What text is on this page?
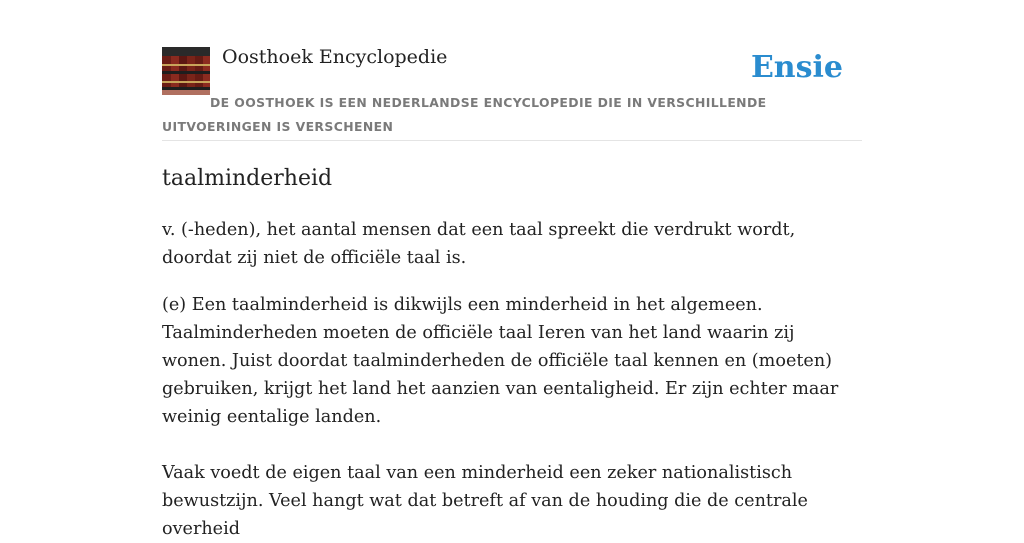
Oosthoek Encyclopedie	Ensie
DE OOSTHOEK IS EEN NEDERLANDSE ENCYCLOPEDIE DIE IN VERSCHILLENDE UITVOERINGEN IS VERSCHENEN
taalminderheid

v. (-heden), het aantal mensen dat een taal spreekt die verdrukt wordt, doordat zij niet de officiële taal is.

(e) Een taalminderheid is dikwijls een minderheid in het algemeen. Taalminderheden moeten de officiële taal Ieren van het land waarin zij wonen. Juist doordat taalminderheden de officiële taal kennen en (moeten) gebruiken, krijgt het land het aanzien van eentaligheid. Er zijn echter maar weinig eentalige landen.

Vaak voedt de eigen taal van een minderheid een zeker nationalistisch bewustzijn. Veel hangt wat dat betreft af van de houding die de centrale overheid
